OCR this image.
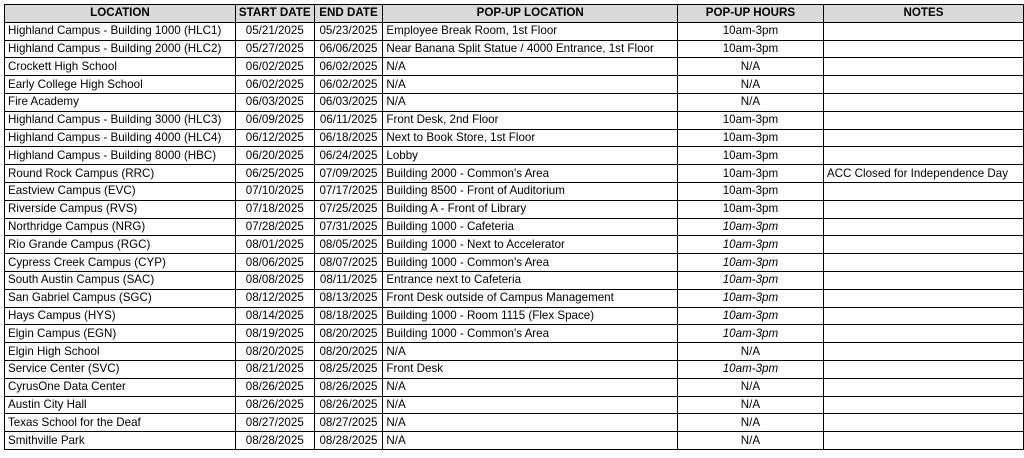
LOCATION	START DATE	END DATE	POP-UP LOCATION	POP-UP HOURS	NOTES
Highland Campus - Building 1000 (HLC1)	05/21/2025	05/23/2025	Employee Break Room, 1st Floor	10am-3pm	
Highland Campus - Building 2000 (HLC2)	05/27/2025	06/06/2025	Near Banana Split Statue / 4000 Entrance, 1st Floor	10am-3pm	
Crockett High School	06/02/2025	06/02/2025	N/A	N/A	
Early College High School	06/02/2025	06/02/2025	N/A	N/A	
Fire Academy	06/03/2025	06/03/2025	N/A	N/A	
Highland Campus - Building 3000 (HLC3)	06/09/2025	06/11/2025	Front Desk, 2nd Floor	10am-3pm	
Highland Campus - Building 4000 (HLC4)	06/12/2025	06/18/2025	Next to Book Store, 1st Floor	10am-3pm	
Highland Campus - Building 8000 (HBC)	06/20/2025	06/24/2025	Lobby	10am-3pm	
Round Rock Campus (RRC)	06/25/2025	07/09/2025	Building 2000 - Common's Area	10am-3pm	ACC Closed for Independence Day
Eastview Campus (EVC)	07/10/2025	07/17/2025	Building 8500 - Front of Auditorium	10am-3pm	
Riverside Campus (RVS)	07/18/2025	07/25/2025	Building A - Front of Library	10am-3pm	
Northridge Campus (NRG)	07/28/2025	07/31/2025	Building 1000 - Cafeteria	10am-3pm	
Rio Grande Campus (RGC)	08/01/2025	08/05/2025	Building 1000 - Next to Accelerator	10am-3pm	
Cypress Creek Campus (CYP)	08/06/2025	08/07/2025	Building 1000 - Common's Area	10am-3pm	
South Austin Campus (SAC)	08/08/2025	08/11/2025	Entrance next to Cafeteria	10am-3pm	
San Gabriel Campus (SGC)	08/12/2025	08/13/2025	Front Desk outside of Campus Management	10am-3pm	
Hays Campus (HYS)	08/14/2025	08/18/2025	Building 1000 - Room 1115 (Flex Space)	10am-3pm	
Elgin Campus (EGN)	08/19/2025	08/20/2025	Building 1000 - Common's Area	10am-3pm	
Elgin High School	08/20/2025	08/20/2025	N/A	N/A	
Service Center (SVC)	08/21/2025	08/25/2025	Front Desk	10am-3pm	
CyrusOne Data Center	08/26/2025	08/26/2025	N/A	N/A	
Austin City Hall	08/26/2025	08/26/2025	N/A	N/A	
Texas School for the Deaf	08/27/2025	08/27/2025	N/A	N/A	
Smithville Park	08/28/2025	08/28/2025	N/A	N/A	
